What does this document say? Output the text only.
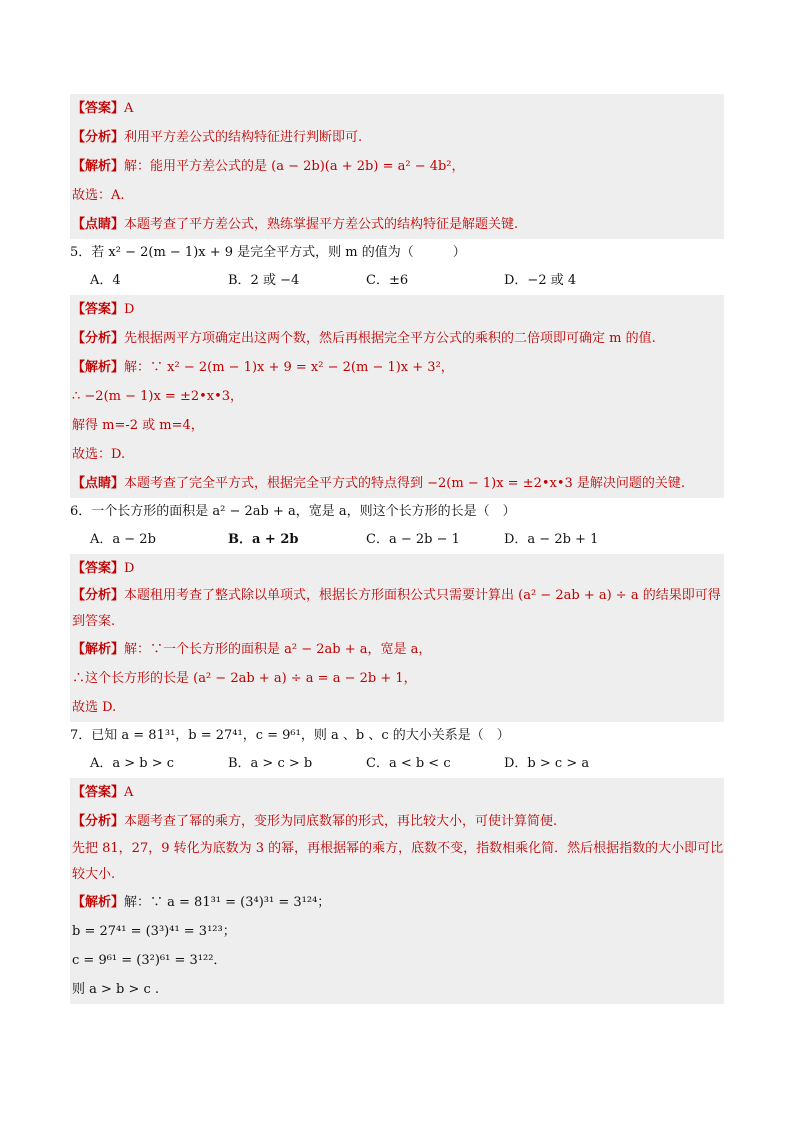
【答案】A
【分析】利用平方差公式的结构特征进行判断即可.
【解析】解：能用平方差公式的是 (a − 2b)(a + 2b) = a² − 4b²，
故选：A.
【点睛】本题考查了平方差公式，熟练掌握平方差公式的结构特征是解题关键.
5．若 x² − 2(m − 1)x + 9 是完全平方式，则 m 的值为（　　　）
A．4	B．2 或 −4	C．±6	D．−2 或 4
【答案】D
【分析】先根据两平方项确定出这两个数，然后再根据完全平方公式的乘积的二倍项即可确定 m 的值.
【解析】解：∵ x² − 2(m − 1)x + 9 = x² − 2(m − 1)x + 3²，
∴ −2(m − 1)x = ±2•x•3，
解得 m=-2 或 m=4，
故选：D.
【点睛】本题考查了完全平方式，根据完全平方式的特点得到 −2(m − 1)x = ±2•x•3 是解决问题的关键.
6．一个长方形的面积是 a² − 2ab + a，宽是 a，则这个长方形的长是（　）
A．a − 2b	B．a + 2b	C．a − 2b − 1	D．a − 2b + 1
【答案】D
【分析】本题租用考查了整式除以单项式，根据长方形面积公式只需要计算出 (a² − 2ab + a) ÷ a 的结果即可得到答案.
【解析】解：∵一个长方形的面积是 a² − 2ab + a，宽是 a，
∴这个长方形的长是 (a² − 2ab + a) ÷ a = a − 2b + 1，
故选 D.
7．已知 a = 81³¹，b = 27⁴¹，c = 9⁶¹，则 a 、b 、c 的大小关系是（　）
A．a > b > c	B．a > c > b	C．a < b < c	D．b > c > a
【答案】A
【分析】本题考查了幂的乘方，变形为同底数幂的形式，再比较大小，可使计算简便.
先把 81，27，9 转化为底数为 3 的幂，再根据幂的乘方，底数不变，指数相乘化简．然后根据指数的大小即可比较大小.
【解析】解：∵ a = 81³¹ = (3⁴)³¹ = 3¹²⁴；
b = 27⁴¹ = (3³)⁴¹ = 3¹²³；
c = 9⁶¹ = (3²)⁶¹ = 3¹²²．
则 a > b > c .
